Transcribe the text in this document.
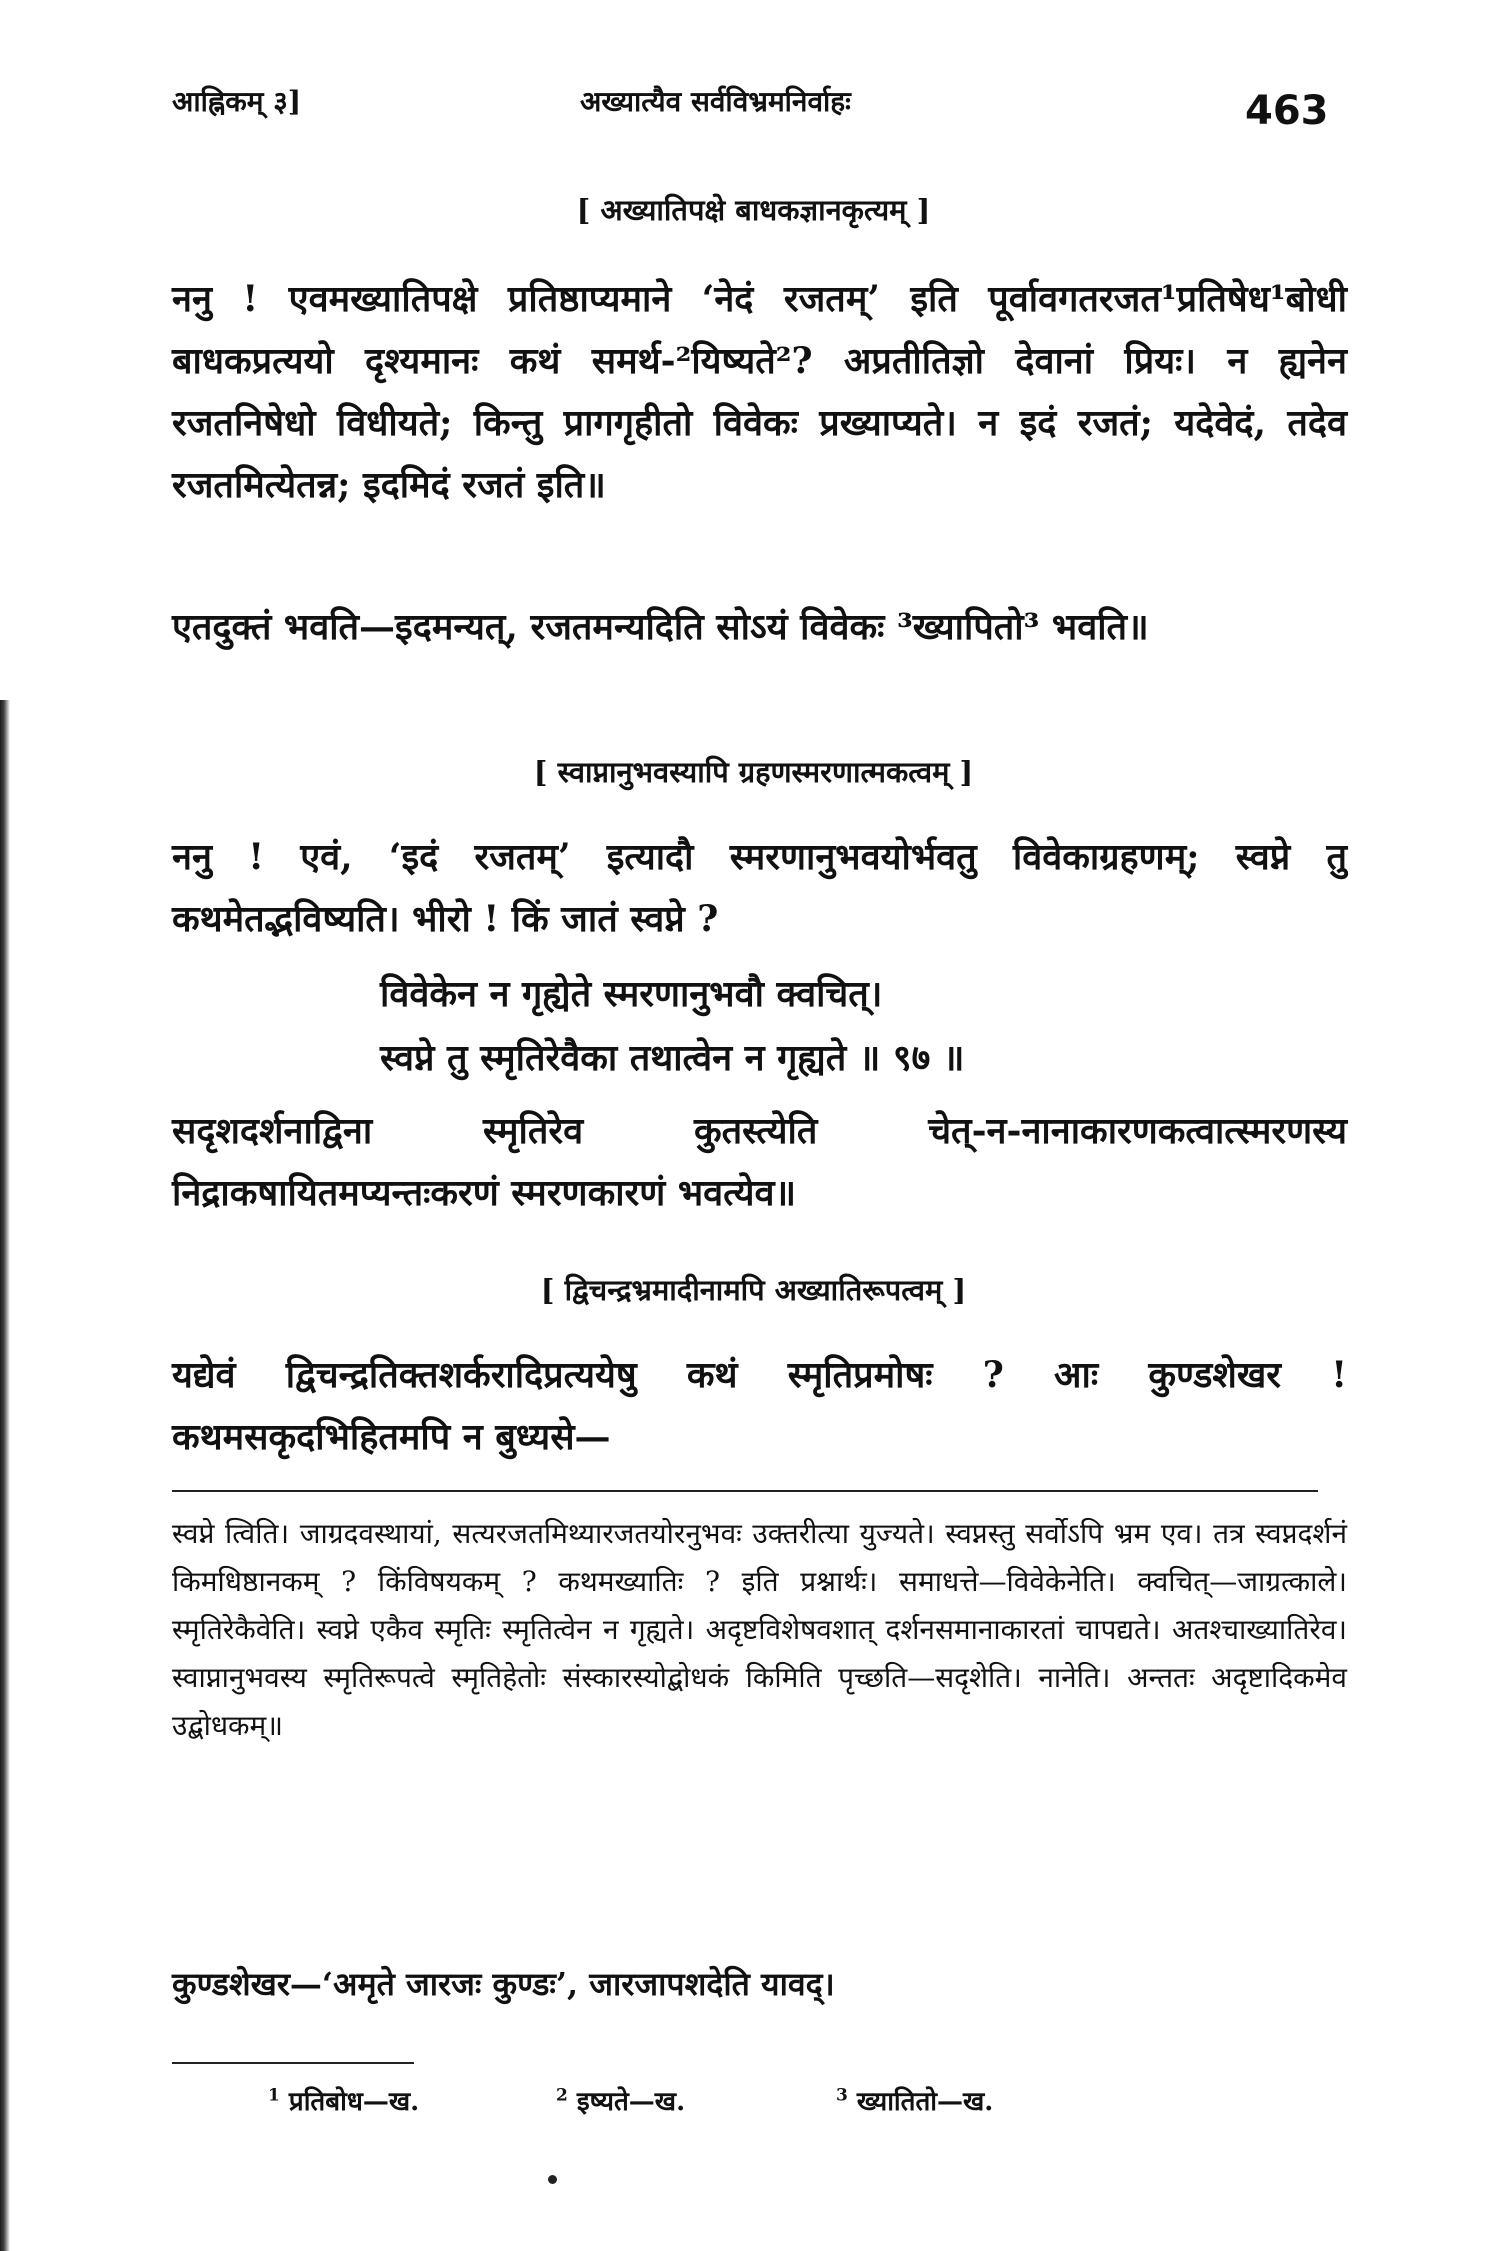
आह्निकम् ३]	अख्यात्यैव सर्वविभ्रमनिर्वाहः	463
[ अख्यातिपक्षे बाधकज्ञानकृत्यम् ]
ननु ! एवमख्यातिपक्षे प्रतिष्ठाप्यमाने ‘नेदं रजतम्’ इति पूर्वावगतरजत¹प्रतिषेध¹बोधी बाधकप्रत्ययो दृश्यमानः कथं समर्थ-²यिष्यते²? अप्रतीतिज्ञो देवानां प्रियः। न ह्यनेन रजतनिषेधो विधीयते; किन्तु प्रागगृहीतो विवेकः प्रख्याप्यते। न इदं रजतं; यदेवेदं, तदेव रजतमित्येतन्न; इदमिदं रजतं इति॥
एतदुक्तं भवति—इदमन्यत्, रजतमन्यदिति सोऽयं विवेकः ³ख्यापितो³ भवति॥
[ स्वाप्नानुभवस्यापि ग्रहणस्मरणात्मकत्वम् ]
ननु ! एवं, ‘इदं रजतम्’ इत्यादौ स्मरणानुभवयोर्भवतु विवेकाग्रहणम्; स्वप्ने तु कथमेतद्भविष्यति। भीरो ! किं जातं स्वप्ने ?
विवेकेन न गृह्येते स्मरणानुभवौ क्वचित्।
स्वप्ने तु स्मृतिरेवैका तथात्वेन न गृह्यते ॥ ९७ ॥
सदृशदर्शनाद्विना स्मृतिरेव कुतस्त्येति चेत्-न-नानाकारणकत्वात्स्मरणस्य निद्राकषायितमप्यन्तःकरणं स्मरणकारणं भवत्येव॥
[ द्विचन्द्रभ्रमादीनामपि अख्यातिरूपत्वम् ]
यद्येवं द्विचन्द्रतिक्तशर्करादिप्रत्ययेषु कथं स्मृतिप्रमोषः ? आः कुण्डशेखर ! कथमसकृदभिहितमपि न बुध्यसे—
स्वप्ने त्विति। जाग्रदवस्थायां, सत्यरजतमिथ्यारजतयोरनुभवः उक्तरीत्या युज्यते। स्वप्नस्तु सर्वोऽपि भ्रम एव। तत्र स्वप्नदर्शनं किमधिष्ठानकम् ? किंविषयकम् ? कथमख्यातिः ? इति प्रश्नार्थः। समाधत्ते—विवेकेनेति। क्वचित्—जाग्रत्काले। स्मृतिरेकैवेति। स्वप्ने एकैव स्मृतिः स्मृतित्वेन न गृह्यते। अदृष्टविशेषवशात् दर्शनसमानाकारतां चापद्यते। अतश्चाख्यातिरेव। स्वाप्नानुभवस्य स्मृतिरूपत्वे स्मृतिहेतोः संस्कारस्योद्बोधकं किमिति पृच्छति—सदृशेति। नानेति। अन्ततः अदृष्टादिकमेव उद्बोधकम्॥
कुण्डशेखर—‘अमृते जारजः कुण्डः’, जारजापशदेति यावद्।
$^1$ प्रतिबोध—ख.	$^2$ इष्यते—ख.	$^3$ ख्यातितो—ख.
